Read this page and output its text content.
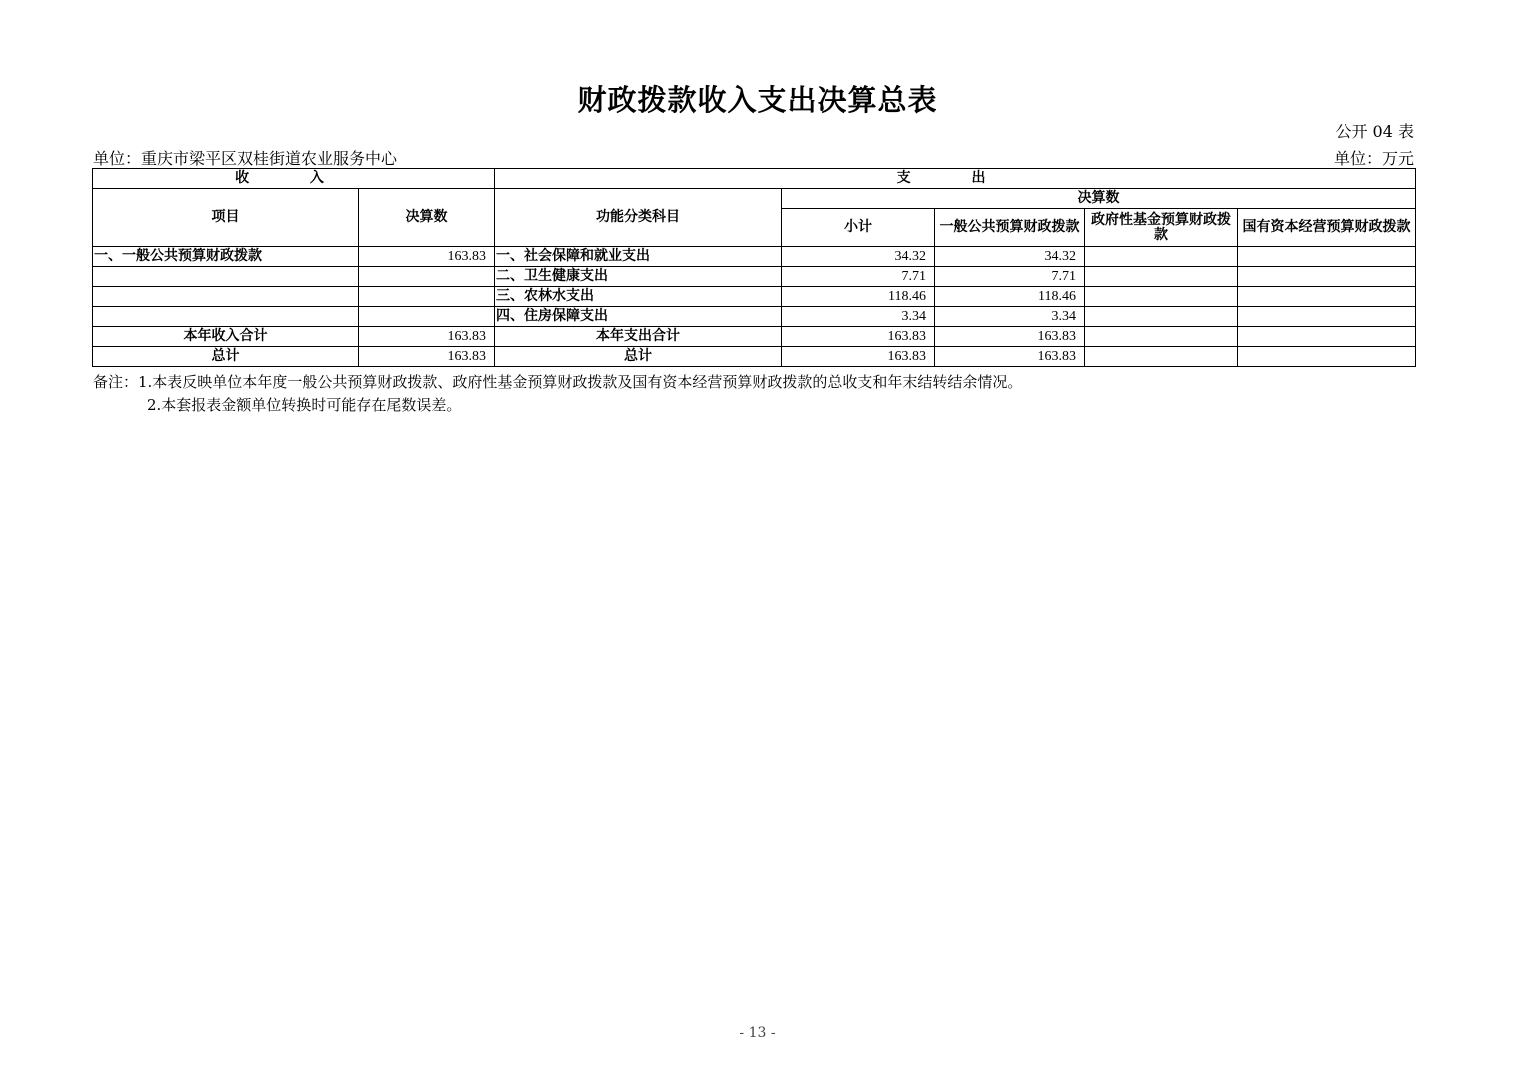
财政拨款收入支出决算总表
公开 04 表
单位：重庆市梁平区双桂街道农业服务中心	单位：万元
收 入		支 出				
项目	决算数	功能分类科目	决算数			
			小计	一般公共预算财政拨款	政府性基金预算财政拨款	国有资本经营预算财政拨款
一、一般公共预算财政拨款	163.83	一、社会保障和就业支出	34.32	34.32		
		二、卫生健康支出	7.71	7.71		
		三、农林水支出	118.46	118.46		
		四、住房保障支出	3.34	3.34		
本年收入合计	163.83	本年支出合计	163.83	163.83		
总计	163.83	总计	163.83	163.83		
备注：1.本表反映单位本年度一般公共预算财政拨款、政府性基金预算财政拨款及国有资本经营预算财政拨款的总收支和年末结转结余情况。
2.本套报表金额单位转换时可能存在尾数误差。
- 13 -
